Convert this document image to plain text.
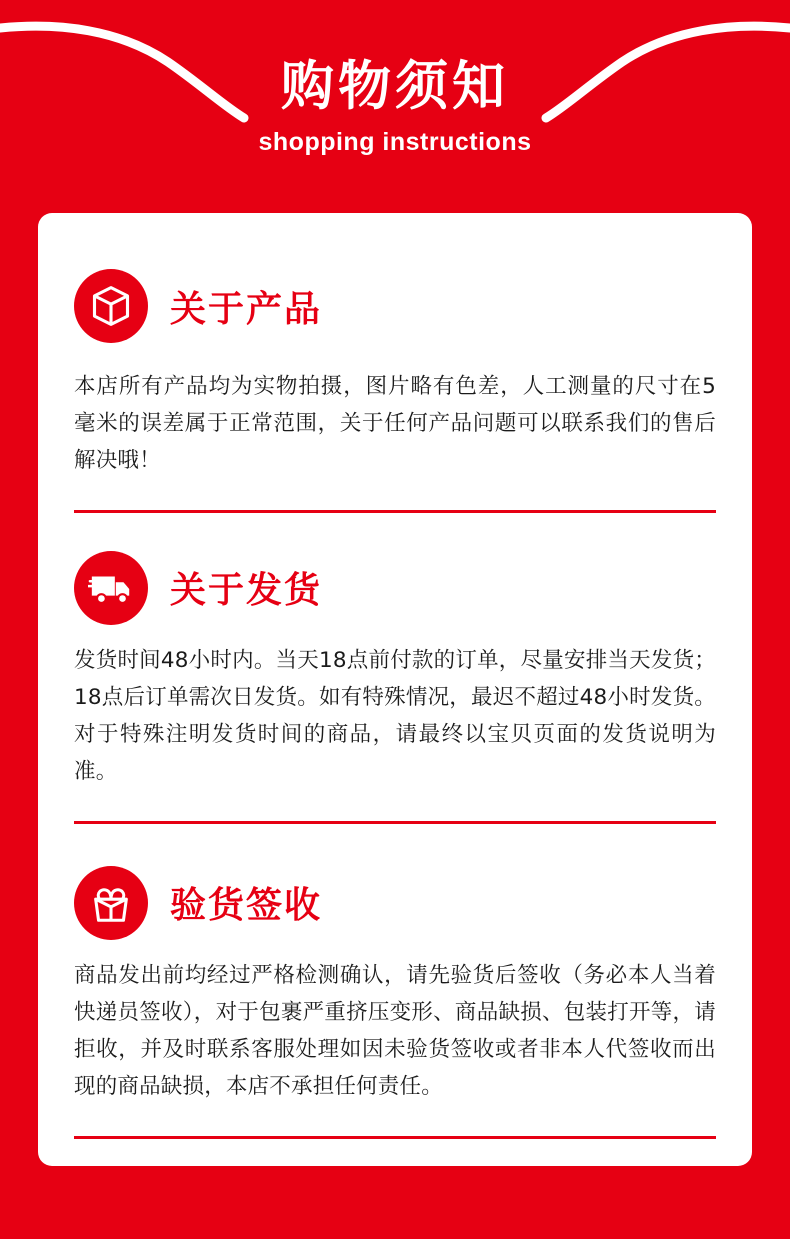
购物须知
shopping instructions
关于产品
本店所有产品均为实物拍摄，图片略有色差，人工测量的尺寸在5毫米的误差属于正常范围，关于任何产品问题可以联系我们的售后解决哦！
关于发货
发货时间48小时内。当天18点前付款的订单，尽量安排当天发货；18点后订单需次日发货。如有特殊情况，最迟不超过48小时发货。对于特殊注明发货时间的商品，请最终以宝贝页面的发货说明为准。
验货签收
商品发出前均经过严格检测确认，请先验货后签收（务必本人当着快递员签收），对于包裹严重挤压变形、商品缺损、包装打开等，请拒收，并及时联系客服处理如因未验货签收或者非本人代签收而出现的商品缺损，本店不承担任何责任。
